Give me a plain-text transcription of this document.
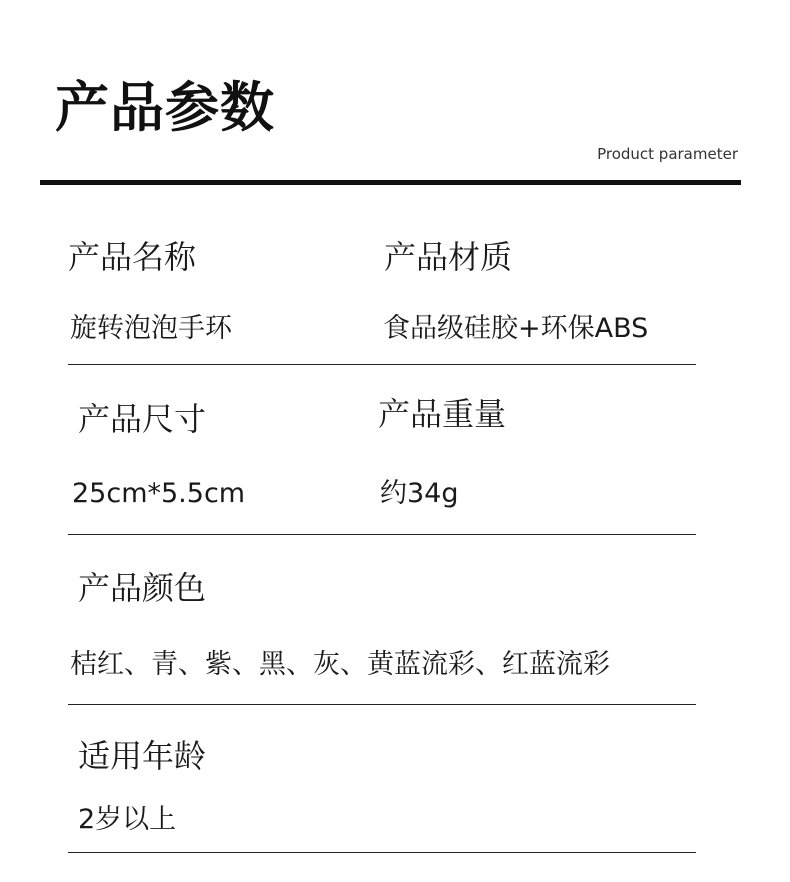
产品参数
Product parameter
产品名称	产品材质
旋转泡泡手环	食品级硅胶+环保ABS
产品尺寸	产品重量
25cm*5.5cm	约34g
产品颜色
桔红、青、紫、黑、灰、黄蓝流彩、红蓝流彩
适用年龄
2岁以上
